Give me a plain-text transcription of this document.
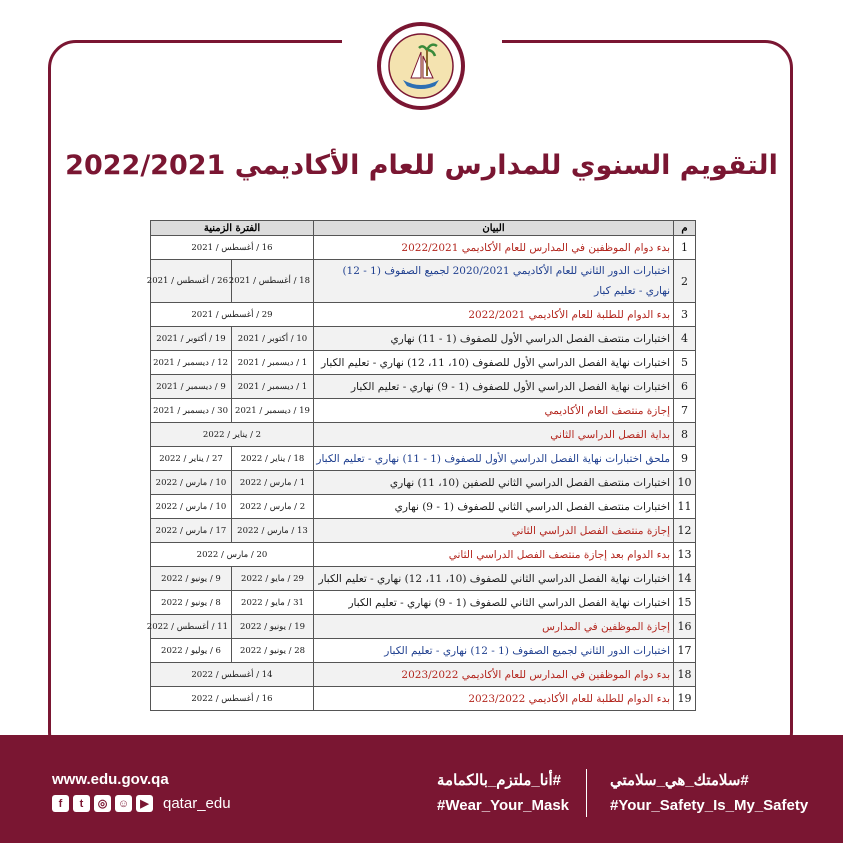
التقويم السنوي للمدارس للعام الأكاديمي 2022/2021
م	البيان	الفترة الزمنية	
1	بدء دوام الموظفين في المدارس للعام الأكاديمي 2022/2021	16 / أغسطس / 2021	
2	اختبارات الدور الثاني للعام الأكاديمي 2020/2021 لجميع الصفوف (1 - 12) نهاري - تعليم كبار	18 / أغسطس / 2021	26 / أغسطس / 2021
3	بدء الدوام للطلبة للعام الأكاديمي 2022/2021	29 / أغسطس / 2021	
4	اختبارات منتصف الفصل الدراسي الأول للصفوف (1 - 11) نهاري	10 / أكتوبر / 2021	19 / أكتوبر / 2021
5	اختبارات نهاية الفصل الدراسي الأول للصفوف (10، 11، 12) نهاري - تعليم الكبار	1 / ديسمبر / 2021	12 / ديسمبر / 2021
6	اختبارات نهاية الفصل الدراسي الأول للصفوف (1 - 9) نهاري - تعليم الكبار	1 / ديسمبر / 2021	9 / ديسمبر / 2021
7	إجازة منتصف العام الأكاديمي	19 / ديسمبر / 2021	30 / ديسمبر / 2021
8	بداية الفصل الدراسي الثاني	2 / يناير / 2022	
9	ملحق اختبارات نهاية الفصل الدراسي الأول للصفوف (1 - 11) نهاري - تعليم الكبار	18 / يناير / 2022	27 / يناير / 2022
10	اختبارات منتصف الفصل الدراسي الثاني للصفين (10، 11) نهاري	1 / مارس / 2022	10 / مارس / 2022
11	اختبارات منتصف الفصل الدراسي الثاني للصفوف (1 - 9) نهاري	2 / مارس / 2022	10 / مارس / 2022
12	إجازة منتصف الفصل الدراسي الثاني	13 / مارس / 2022	17 / مارس / 2022
13	بدء الدوام بعد إجازة منتصف الفصل الدراسي الثاني	20 / مارس / 2022	
14	اختبارات نهاية الفصل الدراسي الثاني للصفوف (10، 11، 12) نهاري - تعليم الكبار	29 / مايو / 2022	9 / يونيو / 2022
15	اختبارات نهاية الفصل الدراسي الثاني للصفوف (1 - 9) نهاري - تعليم الكبار	31 / مايو / 2022	8 / يونيو / 2022
16	إجازة الموظفين في المدارس	19 / يونيو / 2022	11 / أغسطس / 2022
17	اختبارات الدور الثاني لجميع الصفوف (1 - 12) نهاري - تعليم الكبار	28 / يونيو / 2022	6 / يوليو / 2022
18	بدء دوام الموظفين في المدارس للعام الأكاديمي 2023/2022	14 / أغسطس / 2022	
19	بدء الدوام للطلبة للعام الأكاديمي 2023/2022	16 / أغسطس / 2022	
www.edu.gov.qa
f	t	◎ ☺	▶ qatar_edu
#أنا_ملتزم_بالكمامة
#Wear_Your_Mask
#سلامتك_هي_سلامتي
#Your_Safety_Is_My_Safety
